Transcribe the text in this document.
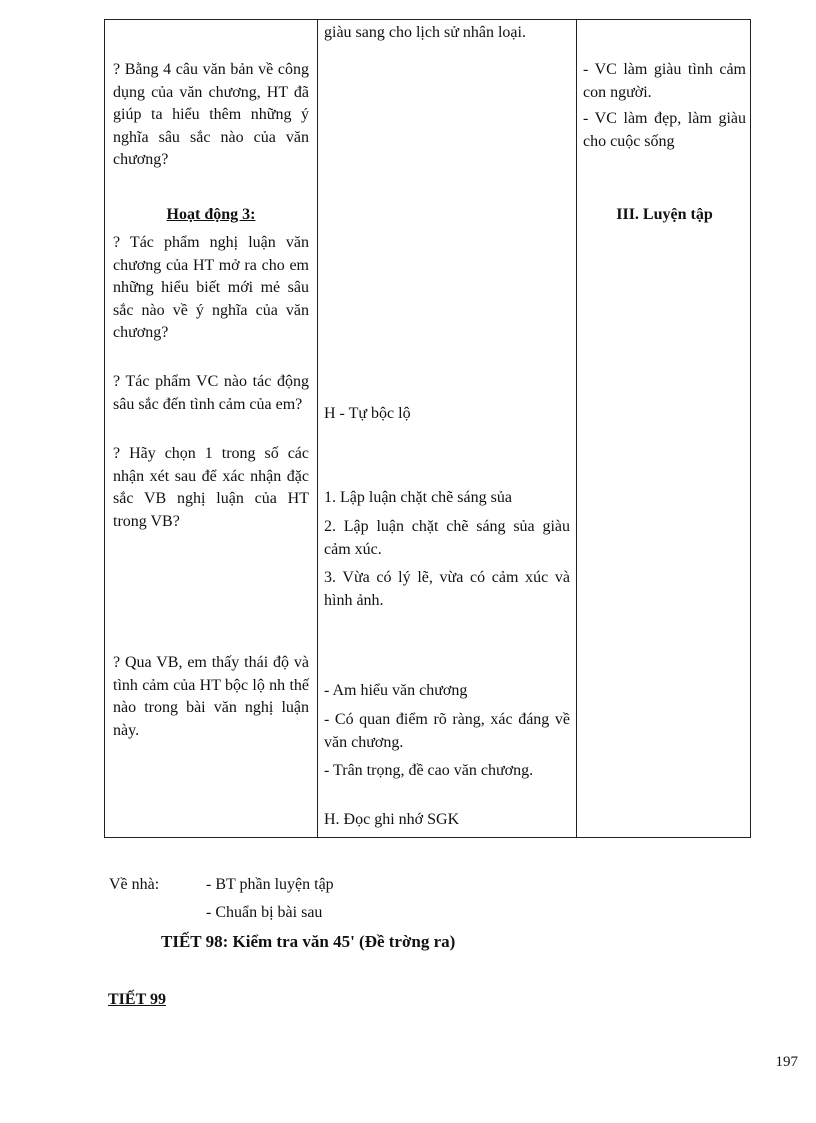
giàu sang cho lịch sử nhân loại.

? Bằng 4 câu văn bản về công dụng của văn chương, HT đã giúp ta hiểu thêm những ý nghĩa sâu sắc nào của văn chương?

- VC làm giàu tình cảm con người.

- VC làm đẹp, làm giàu cho cuộc sống

Hoạt động 3:	III. Luyện tập

? Tác phẩm nghị luận văn chương của HT mở ra cho em những hiểu biết mới mẻ sâu sắc nào về ý nghĩa của văn chương?

? Tác phẩm VC nào tác động sâu sắc đến tình cảm của em?

H - Tự bộc lộ

? Hãy chọn 1 trong số các nhận xét sau để xác nhận đặc sắc VB nghị luận của HT trong VB?

1. Lập luận chặt chẽ sáng sủa

2. Lập luận chặt chẽ sáng sủa giàu cảm xúc.

3. Vừa có lý lẽ, vừa có cảm xúc và hình ảnh.

? Qua VB, em thấy thái độ và tình cảm của HT bộc lộ nh thế nào trong bài văn nghị luận này.

- Am hiểu văn chương

- Có quan điểm rõ ràng, xác đáng về văn chương.

- Trân trọng, đề cao văn chương.

H. Đọc ghi nhớ SGK

Về nhà:	- BT phần luyện tập

- Chuẩn bị bài sau

TIẾT 98: Kiểm tra văn 45' (Đề trờng ra)

TIẾT 99

197
